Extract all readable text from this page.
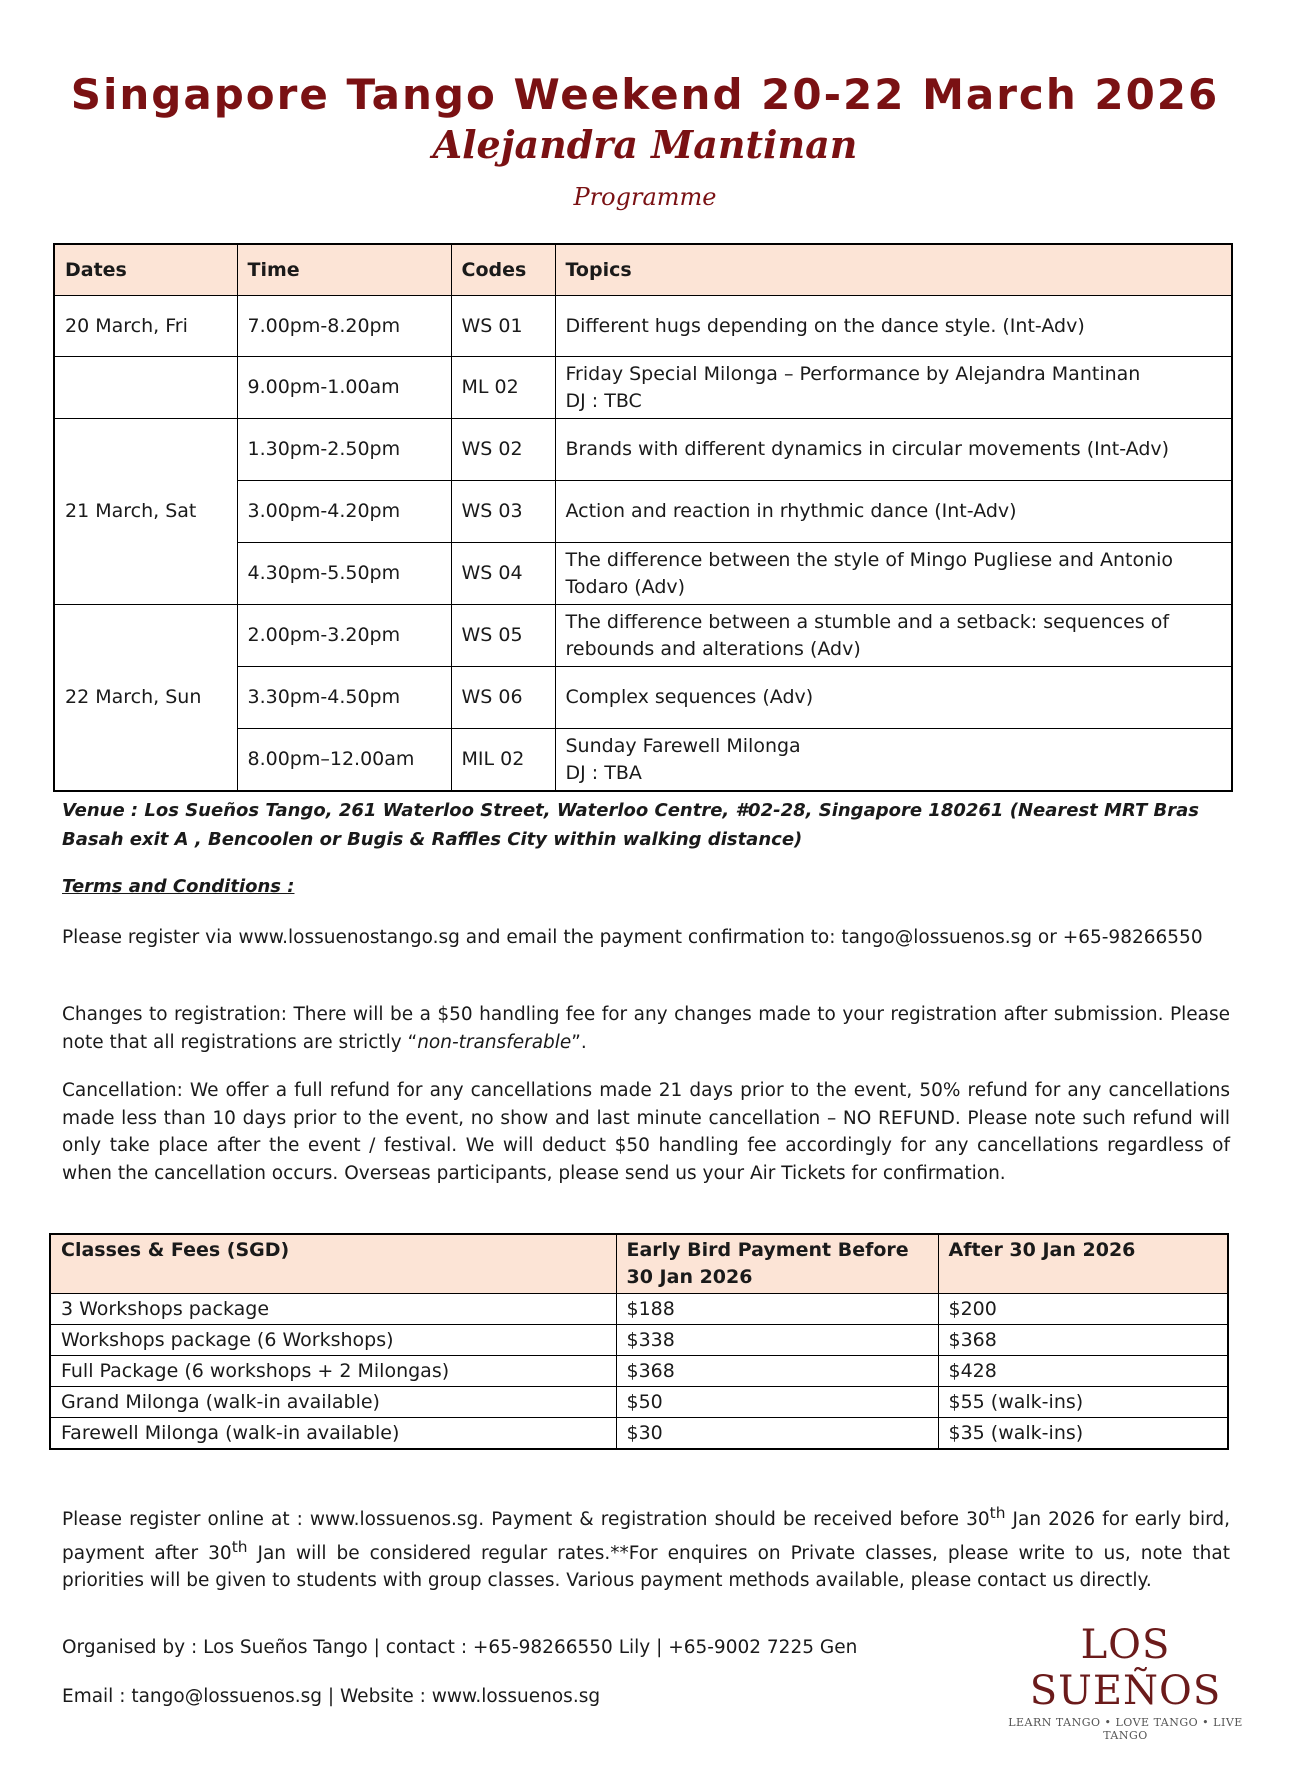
Singapore Tango Weekend 20-22 March 2026
Alejandra Mantinan
Programme
Dates	Time	Codes	Topics
20 March, Fri	7.00pm-8.20pm	WS 01	Different hugs depending on the dance style. (Int-Adv)
	9.00pm-1.00am	ML 02	Friday Special Milonga – Performance by Alejandra Mantinan
DJ : TBC

21 March, Sat	1.30pm-2.50pm	WS 02	Brands with different dynamics in circular movements (Int-Adv)
	3.00pm-4.20pm	WS 03	Action and reaction in rhythmic dance (Int-Adv)
	4.30pm-5.50pm	WS 04	The difference between the style of Mingo Pugliese and Antonio Todaro (Adv)
22 March, Sun	2.00pm-3.20pm	WS 05	The difference between a stumble and a setback: sequences of rebounds and alterations (Adv)
	3.30pm-4.50pm	WS 06	Complex sequences (Adv)
	8.00pm–12.00am	MIL 02	Sunday Farewell Milonga
DJ : TBA
Venue : Los Sueños Tango, 261 Waterloo Street, Waterloo Centre, #02-28, Singapore 180261 (Nearest MRT Bras Basah exit A , Bencoolen or Bugis & Raffles City within walking distance)
Terms and Conditions :
Please register via www.lossuenostango.sg and email the payment confirmation to: tango@lossuenos.sg or +65-98266550
Changes to registration: There will be a $50 handling fee for any changes made to your registration after submission. Please note that all registrations are strictly “non-transferable”.
Cancellation: We offer a full refund for any cancellations made 21 days prior to the event, 50% refund for any cancellations made less than 10 days prior to the event, no show and last minute cancellation – NO REFUND. Please note such refund will only take place after the event / festival. We will deduct $50 handling fee accordingly for any cancellations regardless of when the cancellation occurs. Overseas participants, please send us your Air Tickets for confirmation.
Classes & Fees (SGD)	Early Bird Payment Before 30 Jan 2026	After 30 Jan 2026
3 Workshops package	$188	$200
Workshops package (6 Workshops)	$338	$368
Full Package (6 workshops + 2 Milongas)	$368	$428
Grand Milonga (walk-in available)	$50	$55 (walk-ins)
Farewell Milonga (walk-in available)	$30	$35 (walk-ins)
Please register online at : www.lossuenos.sg. Payment & registration should be received before 30th Jan 2026 for early bird, payment after 30th Jan will be considered regular rates.**For enquires on Private classes, please write to us, note that priorities will be given to students with group classes. Various payment methods available, please contact us directly.
Organised by : Los Sueños Tango | contact : +65-98266550 Lily | +65-9002 7225 Gen
Email : tango@lossuenos.sg | Website : www.lossuenos.sg
LOS SUEÑOS
LEARN TANGO • LOVE TANGO • LIVE TANGO
